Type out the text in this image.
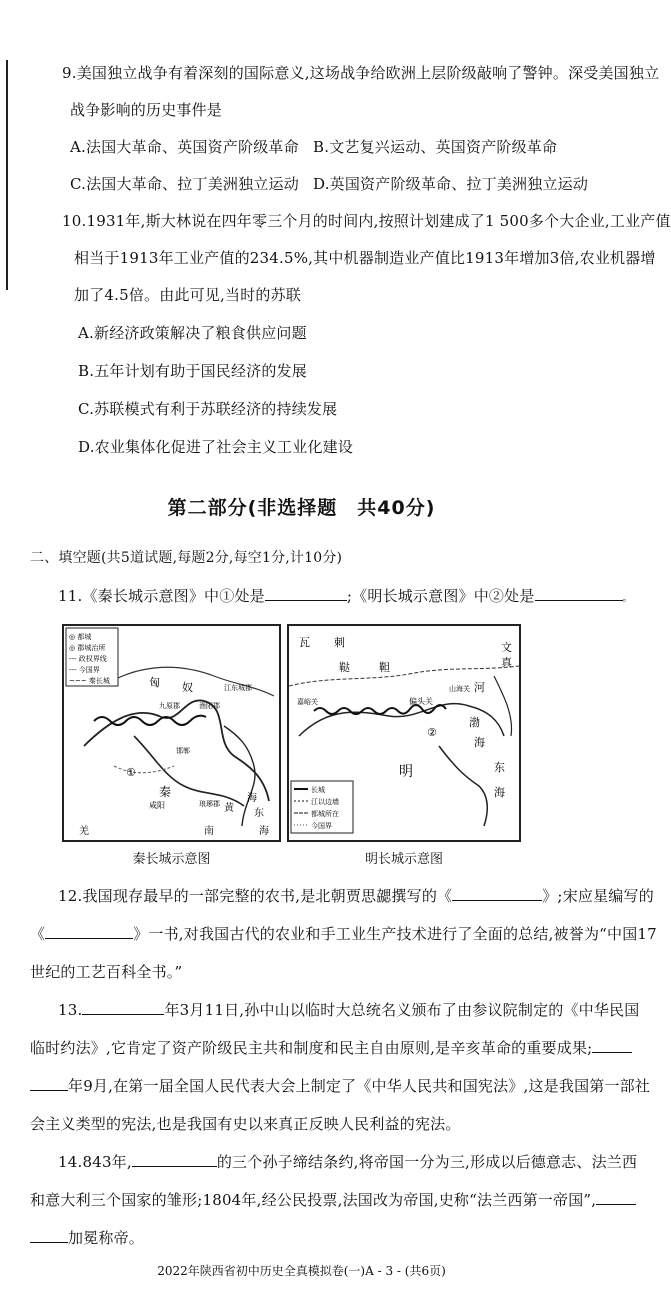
9.美国独立战争有着深刻的国际意义,这场战争给欧洲上层阶级敲响了警钟。深受美国独立
战争影响的历史事件是
A.法国大革命、英国资产阶级革命 B.文艺复兴运动、英国资产阶级革命
C.法国大革命、拉丁美洲独立运动 D.英国资产阶级革命、拉丁美洲独立运动
10.1931年,斯大林说在四年零三个月的时间内,按照计划建成了1 500多个大企业,工业产值
相当于1913年工业产值的234.5%,其中机器制造业产值比1913年增加3倍,农业机器增
加了4.5倍。由此可见,当时的苏联
A.新经济政策解决了粮食供应问题
B.五年计划有助于国民经济的发展
C.苏联模式有利于苏联经济的持续发展
D.农业集体化促进了社会主义工业化建设
第二部分(非选择题　共40分)
二、填空题(共5道试题,每题2分,每空1分,计10分)
11.《秦长城示意图》中①处是	;《明长城示意图》中②处是	。
◎ 都城
◎ 郡城治所
--- 政权界线
--- 今国界
~~~ 秦长城	匈 奴	江东城郡
九原郡	渔阳郡
①
邯郸
秦
咸阳	琅琊郡 黄
海
东
羌	南	海
秦长城示意图
长城
江以边墙
都城所在
今国界
瓦 刺
鞑	靼
文
真
嘉峪关
山海关
②
偏 头 关
河
渤
海
明	东
海
明长城示意图
12.我国现存最早的一部完整的农书,是北朝贾思勰撰写的《	》;宋应星编写的
《	》一书,对我国古代的农业和手工业生产技术进行了全面的总结,被誉为“中国17
世纪的工艺百科全书。”
13.	年3月11日,孙中山以临时大总统名义颁布了由参议院制定的《中华民国
临时约法》,它肯定了资产阶级民主共和制度和民主自由原则,是辛亥革命的重要成果;
年9月,在第一届全国人民代表大会上制定了《中华人民共和国宪法》,这是我国第一部社
会主义类型的宪法,也是我国有史以来真正反映人民利益的宪法。
14.843年,	的三个孙子缔结条约,将帝国一分为三,形成以后德意志、法兰西
和意大利三个国家的雏形;1804年,经公民投票,法国改为帝国,史称“法兰西第一帝国”,
加冕称帝。
2022年陕西省初中历史全真模拟卷(一)A - 3 - (共6页)
